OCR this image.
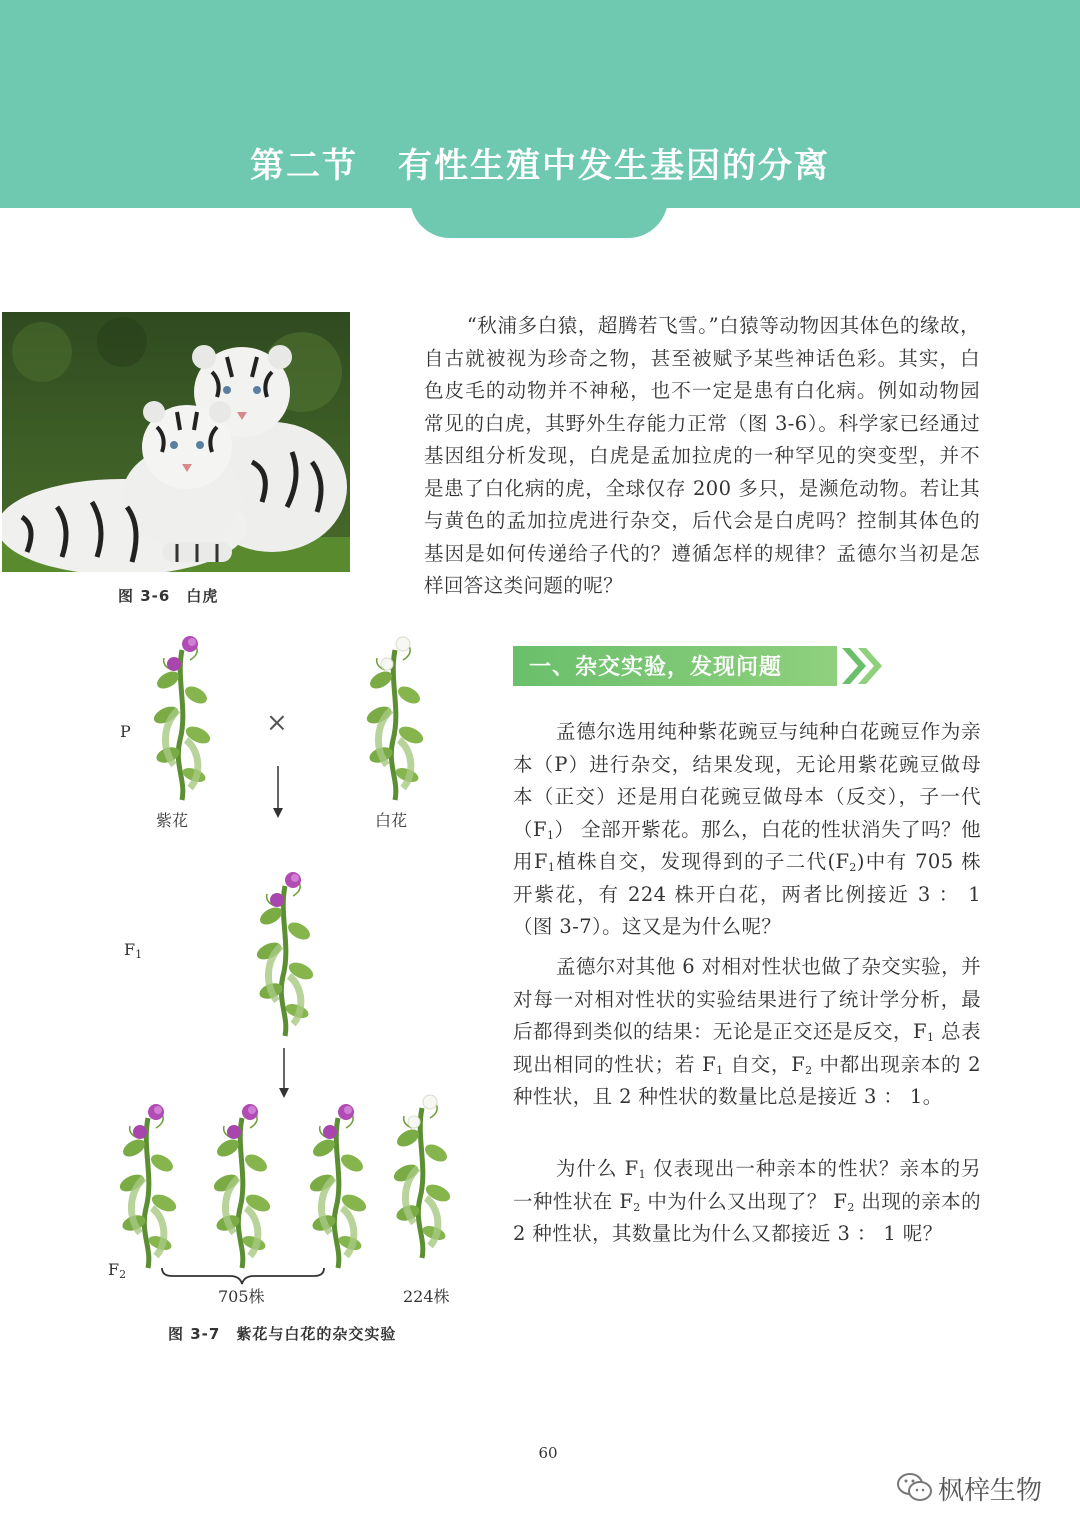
第二节 有性生殖中发生基因的分离
图 3-6　白虎
“秋浦多白猿，超腾若飞雪。”白猿等动物因其体色的缘故，自古就被视为珍奇之物，甚至被赋予某些神话色彩。其实，白色皮毛的动物并不神秘，也不一定是患有白化病。例如动物园常见的白虎，其野外生存能力正常（图 3-6）。科学家已经通过基因组分析发现，白虎是孟加拉虎的一种罕见的突变型，并不是患了白化病的虎，全球仅存 200 多只，是濒危动物。若让其与黄色的孟加拉虎进行杂交，后代会是白虎吗？控制其体色的基因是如何传递给子代的？遵循怎样的规律？孟德尔当初是怎样回答这类问题的呢？
一、杂交实验，发现问题
孟德尔选用纯种紫花豌豆与纯种白花豌豆作为亲本（P）进行杂交，结果发现，无论用紫花豌豆做母本（正交）还是用白花豌豆做母本（反交），子一代 $(F_1)$ 全部开紫花。那么，白花的性状消失了吗？他用$F_1$植株自交，发现得到的子二代$(F_2)$中有 705 株开紫花，有 224 株开白花，两者比例接近 3 ： 1（图 3-7）。这又是为什么呢？
孟德尔对其他 6 对相对性状也做了杂交实验，并对每一对相对性状的实验结果进行了统计学分析，最后都得到类似的结果：无论是正交还是反交，$F_1$ 总表现出相同的性状；若 $F_1$ 自交，$F_2$ 中都出现亲本的 2 种性状，且 2 种性状的数量比总是接近 3 ： 1。
为什么 $F_1$ 仅表现出一种亲本的性状？亲本的另一种性状在 $F_2$ 中为什么又出现了？ $F_2$ 出现的亲本的 2 种性状，其数量比为什么又都接近 3 ： 1 呢？
P	×
紫花	白花
$F_1$
$F_2$
705株	224株
图 3-7　紫花与白花的杂交实验
60
枫梓生物
